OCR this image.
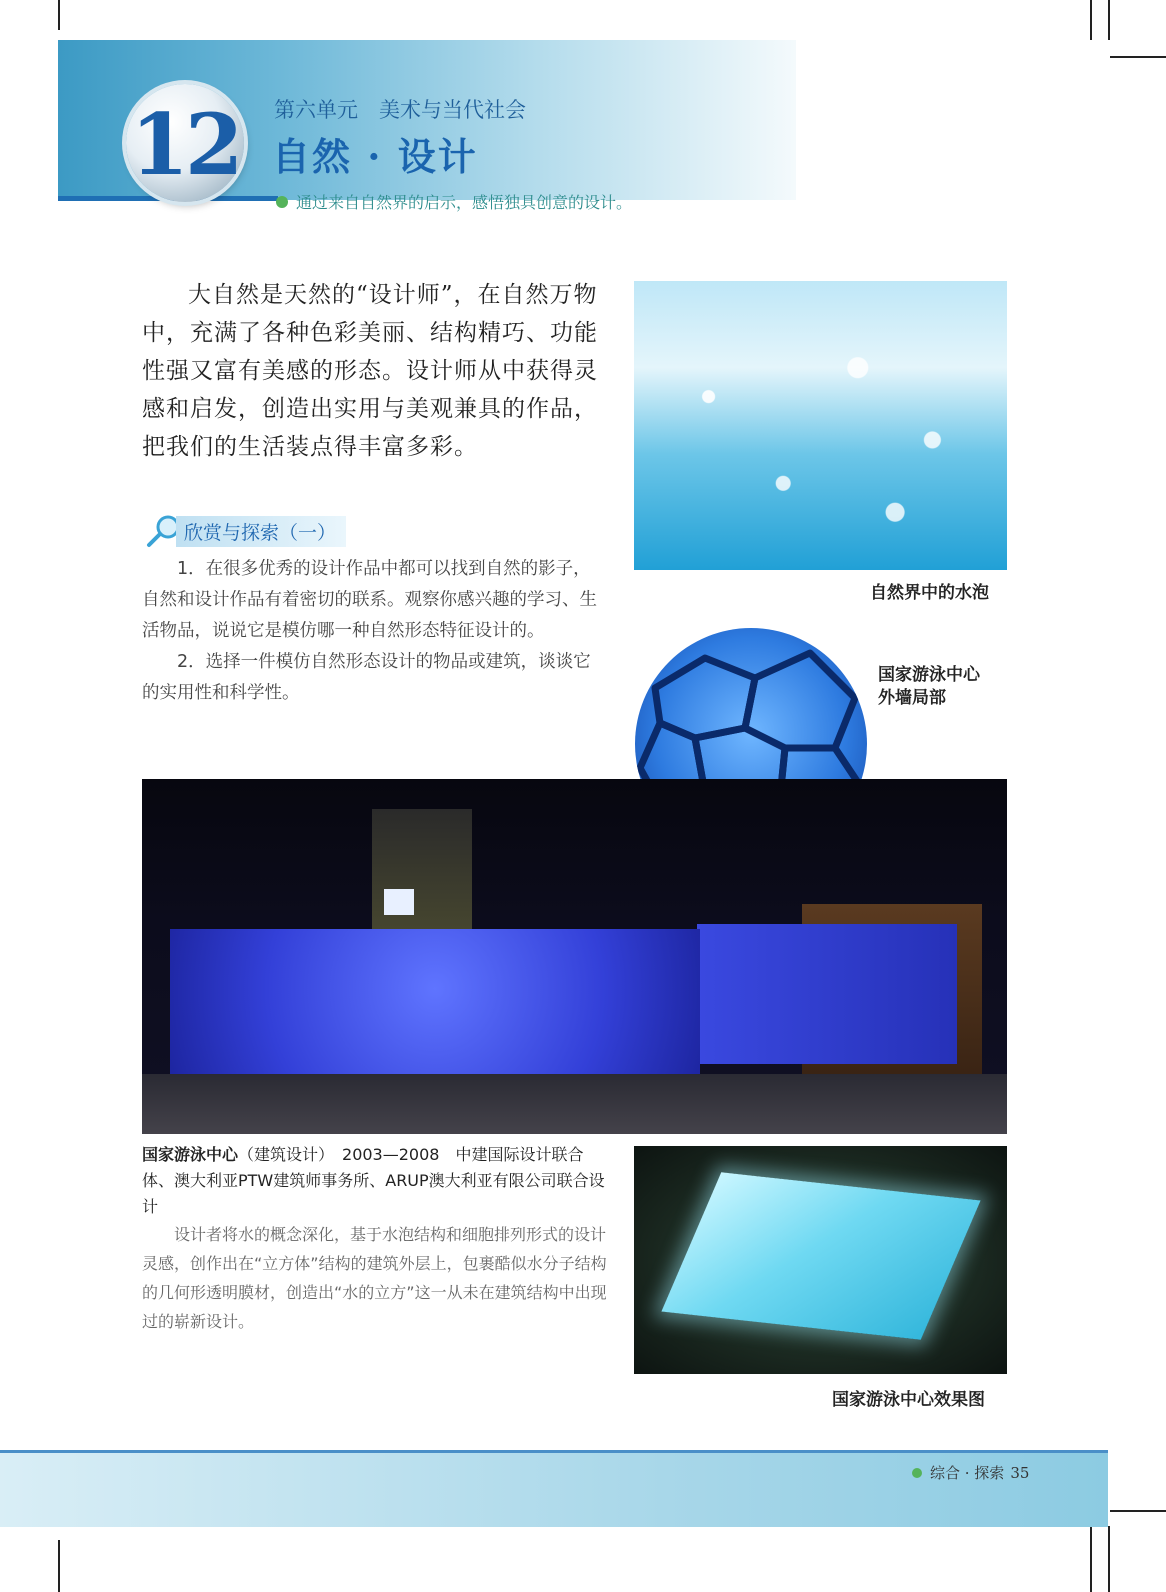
12 第六单元　美术与当代社会
自然 · 设计
通过来自自然界的启示，感悟独具创意的设计。

大自然是天然的“设计师”，在自然万物中，充满了各种色彩美丽、结构精巧、功能性强又富有美感的形态。设计师从中获得灵感和启发，创造出实用与美观兼具的作品，把我们的生活装点得丰富多彩。

欣赏与探索（一）

1．在很多优秀的设计作品中都可以找到自然的影子，自然和设计作品有着密切的联系。观察你感兴趣的学习、生活物品，说说它是模仿哪一种自然形态特征设计的。

2．选择一件模仿自然形态设计的物品或建筑，谈谈它的实用性和科学性。

自然界中的水泡
国家游泳中心
外墙局部
国家游泳中心（建筑设计）　2003—2008　中建国际设计联合体、澳大利亚PTW建筑师事务所、ARUP澳大利亚有限公司联合设计

设计者将水的概念深化，基于水泡结构和细胞排列形式的设计灵感，创作出在“立方体”结构的建筑外层上，包裹酷似水分子结构的几何形透明膜材，创造出“水的立方”这一从未在建筑结构中出现过的崭新设计。

国家游泳中心效果图
综合 · 探索 35
